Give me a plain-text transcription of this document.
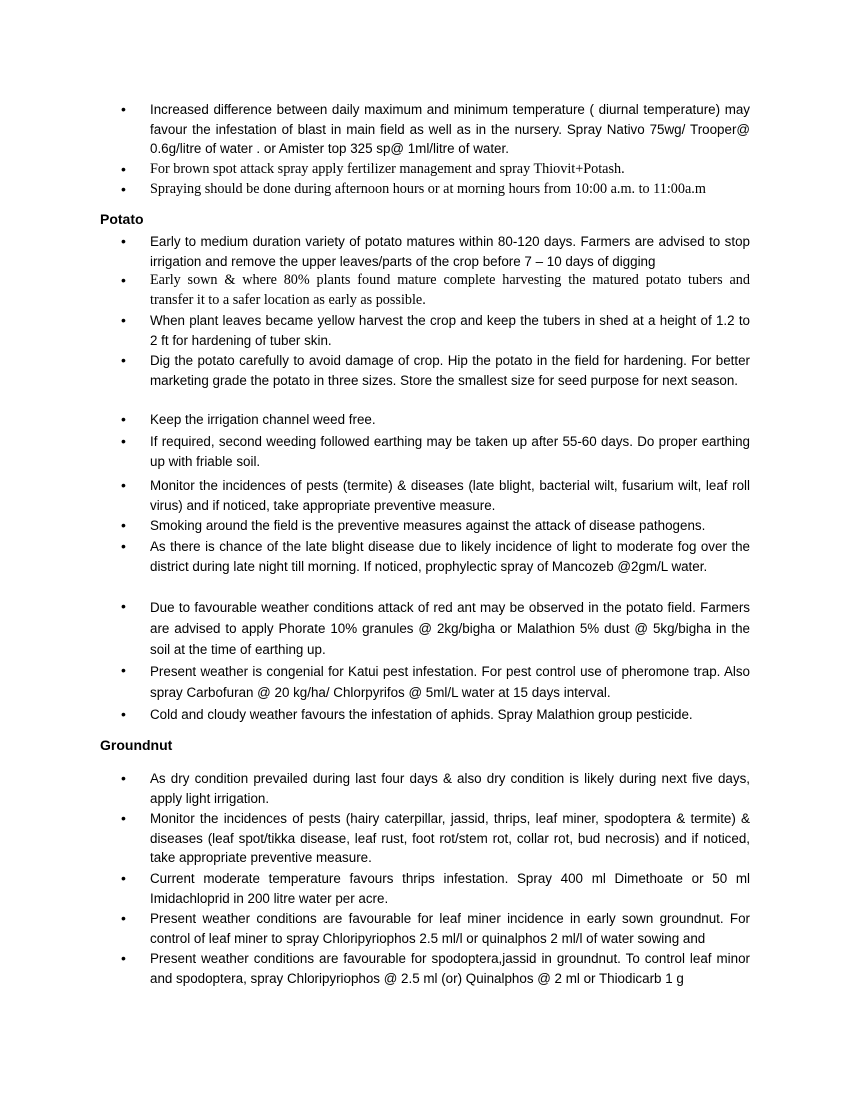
• Increased difference between daily maximum and minimum temperature ( diurnal temperature) may favour the infestation of blast in main field as well as in the nursery. Spray Nativo 75wg/ Trooper@ 0.6g/litre of water . or Amister top 325 sp@ 1ml/litre of water.
• For brown spot attack spray apply fertilizer management and spray Thiovit+Potash.
• Spraying should be done during afternoon hours or at morning hours from 10:00 a.m. to 11:00a.m
Potato
• Early to medium duration variety of potato matures within 80-120 days. Farmers are advised to stop irrigation and remove the upper leaves/parts of the crop before 7 – 10 days of digging
• Early sown & where 80% plants found mature complete harvesting the matured potato tubers and transfer it to a safer location as early as possible.
• When plant leaves became yellow harvest the crop and keep the tubers in shed at a height of 1.2 to 2 ft for hardening of tuber skin.
• Dig the potato carefully to avoid damage of crop. Hip the potato in the field for hardening. For better marketing grade the potato in three sizes. Store the smallest size for seed purpose for next season.
• Keep the irrigation channel weed free.
• If required, second weeding followed earthing may be taken up after 55-60 days. Do proper earthing up with friable soil.
• Monitor the incidences of pests (termite) & diseases (late blight, bacterial wilt, fusarium wilt, leaf roll virus) and if noticed, take appropriate preventive measure.
• Smoking around the field is the preventive measures against the attack of disease pathogens.
• As there is chance of the late blight disease due to likely incidence of light to moderate fog over the district during late night till morning. If noticed, prophylectic spray of Mancozeb @2gm/L water.
• Due to favourable weather conditions attack of red ant may be observed in the potato field. Farmers are advised to apply Phorate 10% granules @ 2kg/bigha or Malathion 5% dust @ 5kg/bigha in the soil at the time of earthing up.
• Present weather is congenial for Katui pest infestation. For pest control use of pheromone trap. Also spray Carbofuran @ 20 kg/ha/ Chlorpyrifos @ 5ml/L water at 15 days interval.
• Cold and cloudy weather favours the infestation of aphids. Spray Malathion group pesticide.
Groundnut
• As dry condition prevailed during last four days & also dry condition is likely during next five days, apply light irrigation.
• Monitor the incidences of pests (hairy caterpillar, jassid, thrips, leaf miner, spodoptera & termite) & diseases (leaf spot/tikka disease, leaf rust, foot rot/stem rot, collar rot, bud necrosis) and if noticed, take appropriate preventive measure.
• Current moderate temperature favours thrips infestation. Spray 400 ml Dimethoate or 50 ml Imidachloprid in 200 litre water per acre.
• Present weather conditions are favourable for leaf miner incidence in early sown groundnut. For control of leaf miner to spray Chloripyriophos 2.5 ml/l or quinalphos 2 ml/l of water sowing and
• Present weather conditions are favourable for spodoptera,jassid in groundnut. To control leaf minor and spodoptera, spray Chloripyriophos @ 2.5 ml (or) Quinalphos @ 2 ml or Thiodicarb 1 g
